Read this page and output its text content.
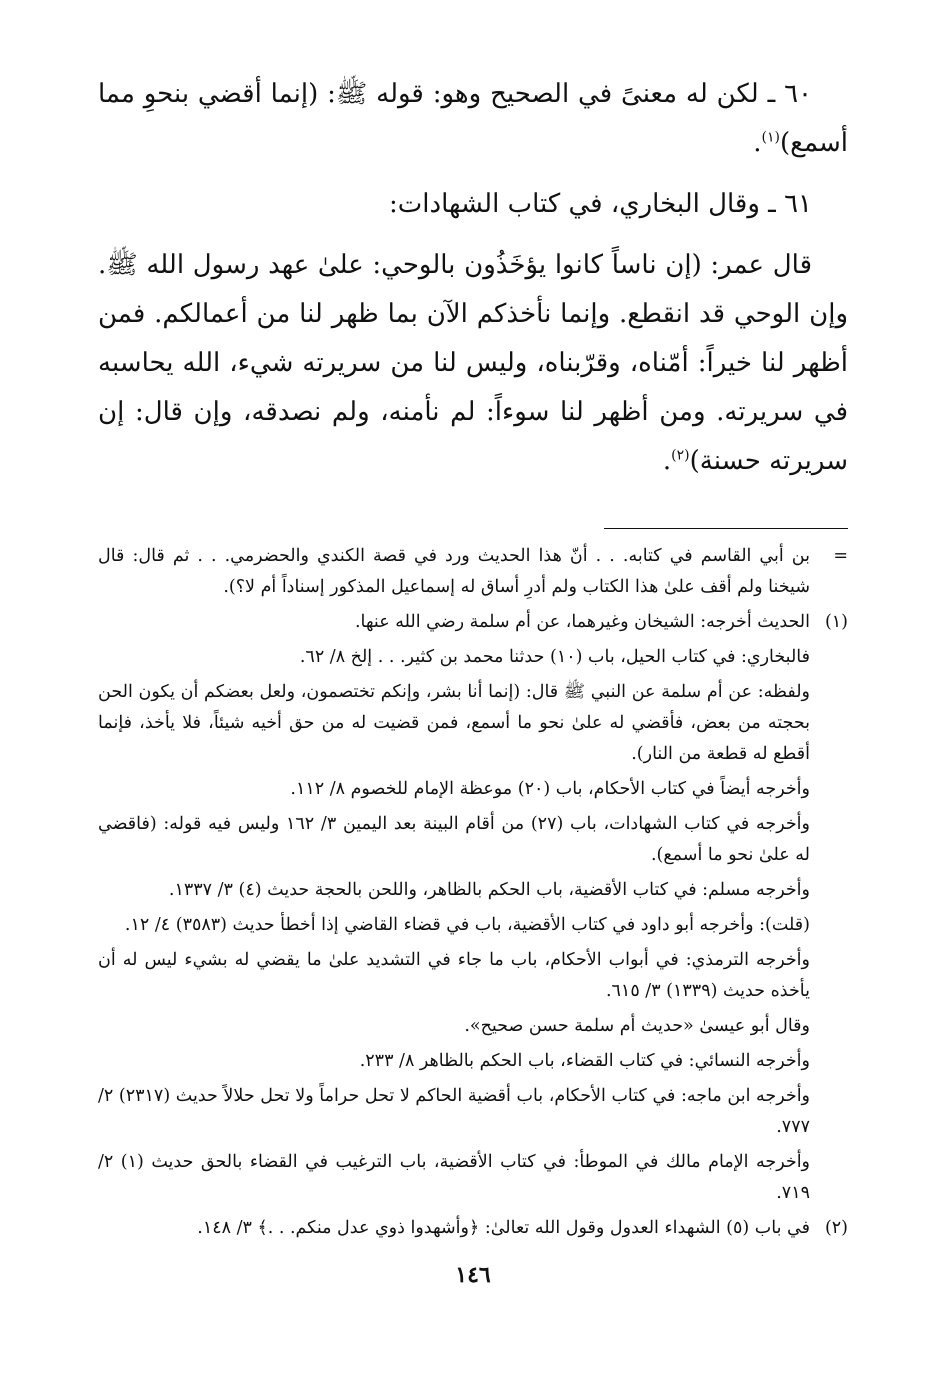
٦٠ ـ لكن له معنىً في الصحيح وهو: قوله ﷺ: (إنما أقضي بنحوِ مما أسمع)$^{(١)}$.

٦١ ـ وقال البخاري، في كتاب الشهادات:

قال عمر: (إن ناساً كانوا يؤخَذُون بالوحي: علىٰ عهد رسول الله ﷺ. وإن الوحي قد انقطع. وإنما نأخذكم الآن بما ظهر لنا من أعمالكم. فمن أظهر لنا خيراً: أمّناه، وقرّبناه، وليس لنا من سريرته شيء، الله يحاسبه في سريرته. ومن أظهر لنا سوءاً: لم نأمنه، ولم نصدقه، وإن قال: إن سريرته حسنة)$^{(٢)}$.

=

بن أبي القاسم في كتابه. . . أنّ هذا الحديث ورد في قصة الكندي والحضرمي. . . ثم قال: قال شيخنا ولم أقف علىٰ هذا الكتاب ولم أدرِ أساق له إسماعيل المذكور إسناداً أم لا؟).

(١)

الحديث أخرجه: الشيخان وغيرهما، عن أم سلمة رضي الله عنها.

فالبخاري: في كتاب الحيل، باب (١٠) حدثنا محمد بن كثير. . . إلخ ٨/ ٦٢.

ولفظه: عن أم سلمة عن النبي ﷺ قال: (إنما أنا بشر، وإنكم تختصمون، ولعل بعضكم أن يكون الحن بحجته من بعض، فأقضي له علىٰ نحو ما أسمع، فمن قضيت له من حق أخيه شيئاً، فلا يأخذ، فإنما أقطع له قطعة من النار).

وأخرجه أيضاً في كتاب الأحكام، باب (٢٠) موعظة الإمام للخصوم ٨/ ١١٢.

وأخرجه في كتاب الشهادات، باب (٢٧) من أقام البينة بعد اليمين ٣/ ١٦٢ وليس فيه قوله: (فاقضي له علىٰ نحو ما أسمع).

وأخرجه مسلم: في كتاب الأقضية، باب الحكم بالظاهر، واللحن بالحجة حديث (٤) ٣/ ١٣٣٧.

(قلت): وأخرجه أبو داود في كتاب الأقضية، باب في قضاء القاضي إذا أخطأ حديث (٣٥٨٣) ٤/ ١٢.

وأخرجه الترمذي: في أبواب الأحكام، باب ما جاء في التشديد علىٰ ما يقضي له بشيء ليس له أن يأخذه حديث (١٣٣٩) ٣/ ٦١٥.

وقال أبو عيسىٰ «حديث أم سلمة حسن صحيح».

وأخرجه النسائي: في كتاب القضاء، باب الحكم بالظاهر ٨/ ٢٣٣.

وأخرجه ابن ماجه: في كتاب الأحكام، باب أقضية الحاكم لا تحل حراماً ولا تحل حلالاً حديث (٢٣١٧) ٢/ ٧٧٧.

وأخرجه الإمام مالك في الموطأ: في كتاب الأقضية، باب الترغيب في القضاء بالحق حديث (١) ٢/ ٧١٩.

(٢)

في باب (٥) الشهداء العدول وقول الله تعالىٰ: ﴿وأشهدوا ذوي عدل منكم. . .﴾ ٣/ ١٤٨.

١٤٦
